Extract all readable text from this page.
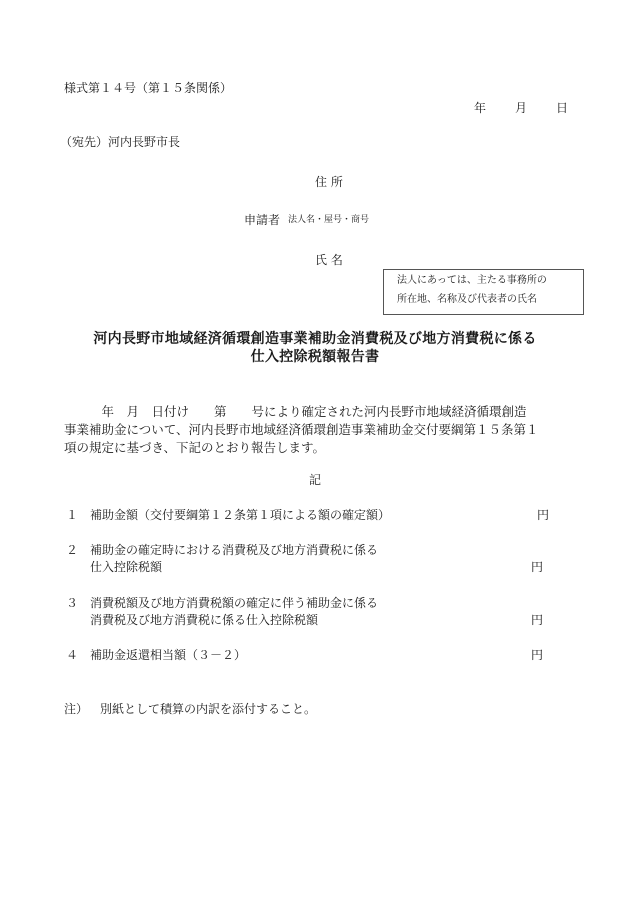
様式第１４号（第１５条関係）
年 月 日
（宛先）河内長野市長
住 所
申請者 法人名・屋号・商号
氏 名
法人にあっては、主たる事務所の
所在地、名称及び代表者の氏名
河内長野市地域経済循環創造事業補助金消費税及び地方消費税に係る
仕入控除税額報告書
　　　年　月　日付け　　第　　号により確定された河内長野市地域経済循環創造
事業補助金について、河内長野市地域経済循環創造事業補助金交付要綱第１５条第１
項の規定に基づき、下記のとおり報告します。
記
１ 補助金額（交付要綱第１２条第１項による額の確定額）	円
２ 補助金の確定時における消費税及び地方消費税に係る
仕入控除税額	円
３ 消費税額及び地方消費税額の確定に伴う補助金に係る
消費税及び地方消費税に係る仕入控除税額	円
４ 補助金返還相当額（３－２）	円
注） 別紙として積算の内訳を添付すること。
